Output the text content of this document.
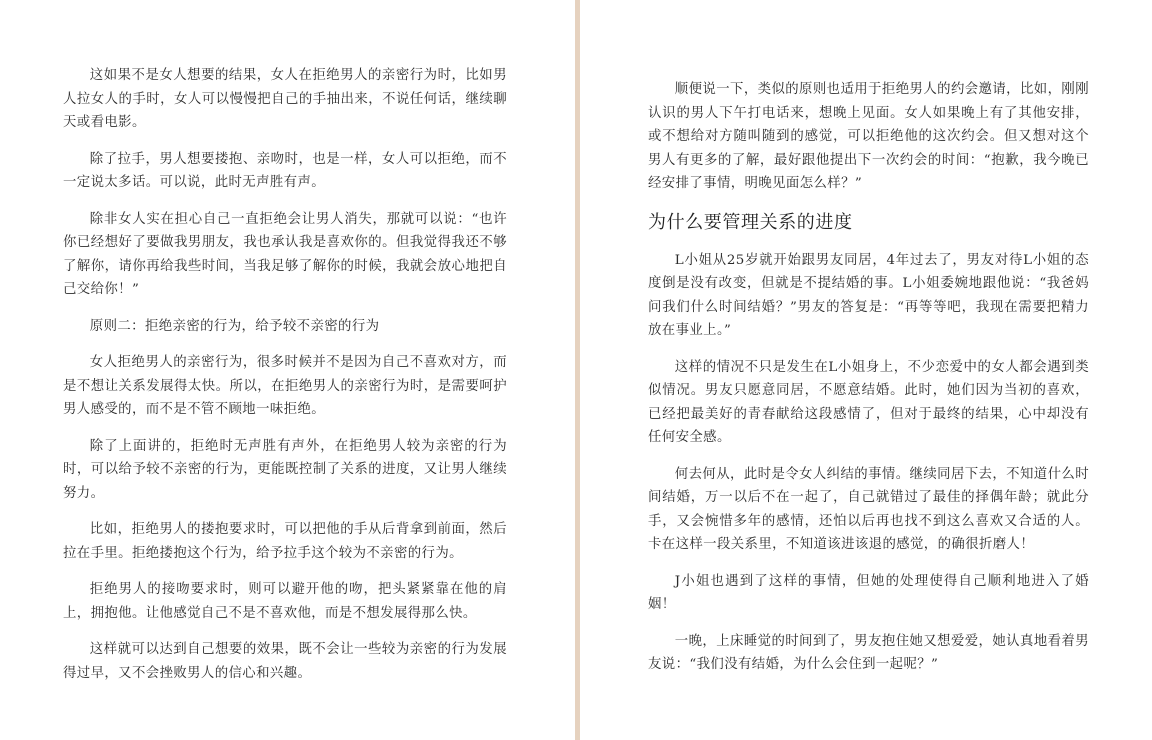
这如果不是女人想要的结果，女人在拒绝男人的亲密行为时，比如男人拉女人的手时，女人可以慢慢把自己的手抽出来，不说任何话，继续聊天或看电影。

除了拉手，男人想要搂抱、亲吻时，也是一样，女人可以拒绝，而不一定说太多话。可以说，此时无声胜有声。

除非女人实在担心自己一直拒绝会让男人消失，那就可以说：“也许你已经想好了要做我男朋友，我也承认我是喜欢你的。但我觉得我还不够了解你，请你再给我些时间，当我足够了解你的时候，我就会放心地把自己交给你！”

原则二：拒绝亲密的行为，给予较不亲密的行为

女人拒绝男人的亲密行为，很多时候并不是因为自己不喜欢对方，而是不想让关系发展得太快。所以，在拒绝男人的亲密行为时，是需要呵护男人感受的，而不是不管不顾地一味拒绝。

除了上面讲的，拒绝时无声胜有声外，在拒绝男人较为亲密的行为时，可以给予较不亲密的行为，更能既控制了关系的进度，又让男人继续努力。

比如，拒绝男人的搂抱要求时，可以把他的手从后背拿到前面，然后拉在手里。拒绝搂抱这个行为，给予拉手这个较为不亲密的行为。

拒绝男人的接吻要求时，则可以避开他的吻，把头紧紧靠在他的肩上，拥抱他。让他感觉自己不是不喜欢他，而是不想发展得那么快。

这样就可以达到自己想要的效果，既不会让一些较为亲密的行为发展得过早，又不会挫败男人的信心和兴趣。

顺便说一下，类似的原则也适用于拒绝男人的约会邀请，比如，刚刚认识的男人下午打电话来，想晚上见面。女人如果晚上有了其他安排，或不想给对方随叫随到的感觉，可以拒绝他的这次约会。但又想对这个男人有更多的了解，最好跟他提出下一次约会的时间：“抱歉，我今晚已经安排了事情，明晚见面怎么样？”

为什么要管理关系的进度

L小姐从25岁就开始跟男友同居，4年过去了，男友对待L小姐的态度倒是没有改变，但就是不提结婚的事。L小姐委婉地跟他说：“我爸妈问我们什么时间结婚？”男友的答复是：“再等等吧，我现在需要把精力放在事业上。”

这样的情况不只是发生在L小姐身上，不少恋爱中的女人都会遇到类似情况。男友只愿意同居，不愿意结婚。此时，她们因为当初的喜欢，已经把最美好的青春献给这段感情了，但对于最终的结果，心中却没有任何安全感。

何去何从，此时是令女人纠结的事情。继续同居下去，不知道什么时间结婚，万一以后不在一起了，自己就错过了最佳的择偶年龄；就此分手，又会惋惜多年的感情，还怕以后再也找不到这么喜欢又合适的人。卡在这样一段关系里，不知道该进该退的感觉，的确很折磨人！

J小姐也遇到了这样的事情，但她的处理使得自己顺利地进入了婚姻！

一晚，上床睡觉的时间到了，男友抱住她又想爱爱，她认真地看着男友说：“我们没有结婚，为什么会住到一起呢？”
